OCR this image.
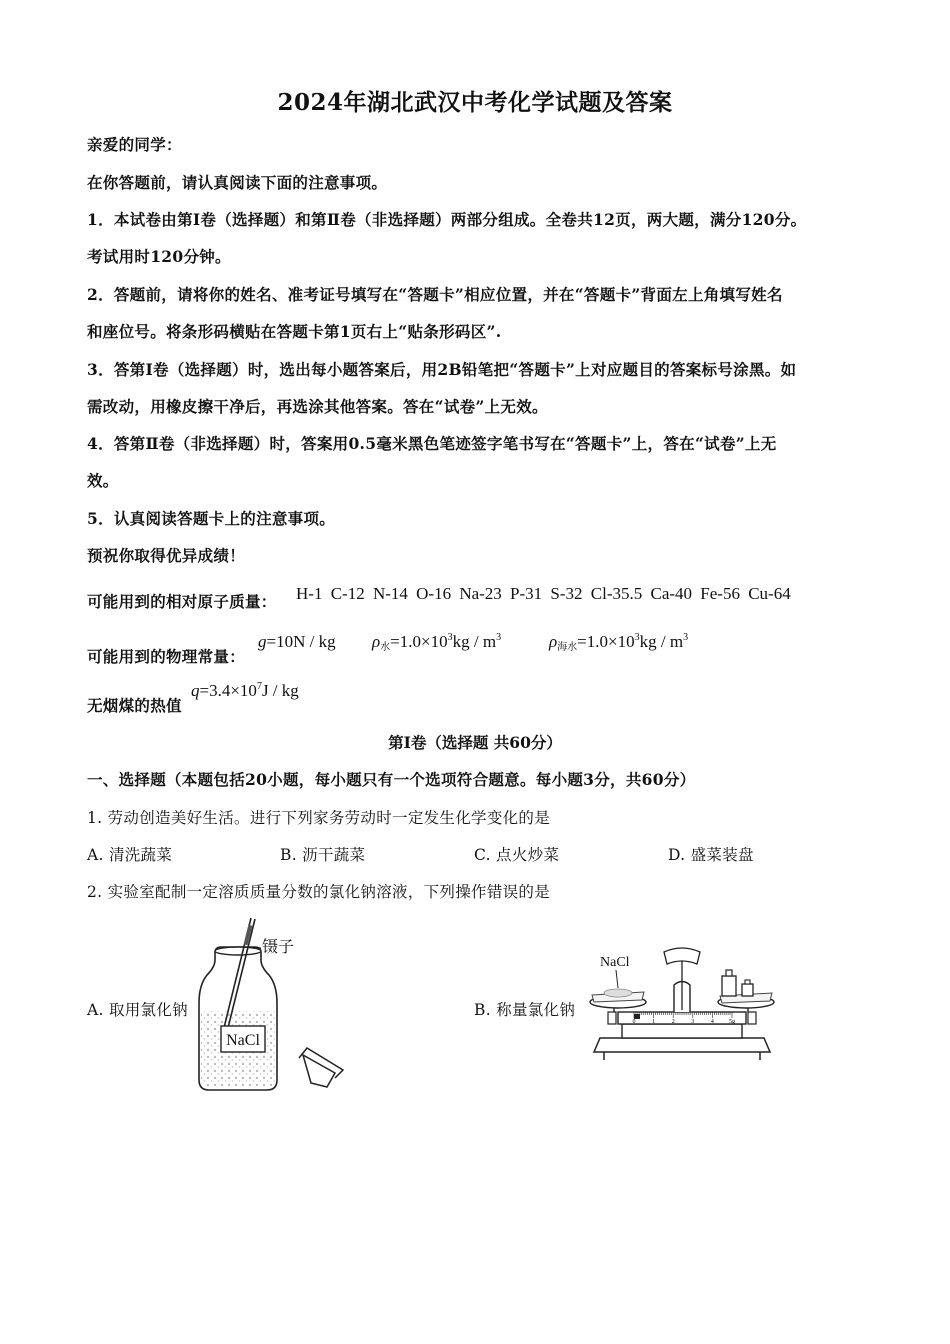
2024年湖北武汉中考化学试题及答案
亲爱的同学：
在你答题前，请认真阅读下面的注意事项。
1．本试卷由第Ⅰ卷（选择题）和第Ⅱ卷（非选择题）两部分组成。全卷共12页，两大题，满分120分。
考试用时120分钟。
2．答题前，请将你的姓名、准考证号填写在“答题卡”相应位置，并在“答题卡”背面左上角填写姓名
和座位号。将条形码横贴在答题卡第1页右上“贴条形码区”.
3．答第Ⅰ卷（选择题）时，选出每小题答案后，用2B铅笔把“答题卡”上对应题目的答案标号涂黑。如
需改动，用橡皮擦干净后，再选涂其他答案。答在“试卷”上无效。
4．答第Ⅱ卷（非选择题）时，答案用0.5毫米黑色笔迹签字笔书写在“答题卡”上，答在“试卷”上无
效。
5．认真阅读答题卡上的注意事项。
预祝你取得优异成绩！
可能用到的相对原子质量： H-1 C-12 N-14 O-16 Na-23 P-31 S-32 Cl-35.5 Ca-40 Fe-56 Cu-64
可能用到的物理常量：
g=10N / kg $\rho_水=1.0\times 10^3kg / m^3$	$\rho_{海水}=1.0\times 10^3kg / m^3$
无烟煤的热值
$q=3.4\times 10^7J$ / kg
第Ⅰ卷（选择题 共60分）
一、选择题（本题包括20小题，每小题只有一个选项符合题意。每小题3分，共60分）
1. 劳动创造美好生活。进行下列家务劳动时一定发生化学变化的是
A. 清洗蔬菜	B. 沥干蔬菜	C. 点火炒菜	D. 盛菜装盘
2. 实验室配制一定溶质质量分数的氯化钠溶液，下列操作错误的是
A. 取用氯化钠	B. 称量氯化钠
镊子
NaCl
0	1	2	3	4	5g
NaCl
